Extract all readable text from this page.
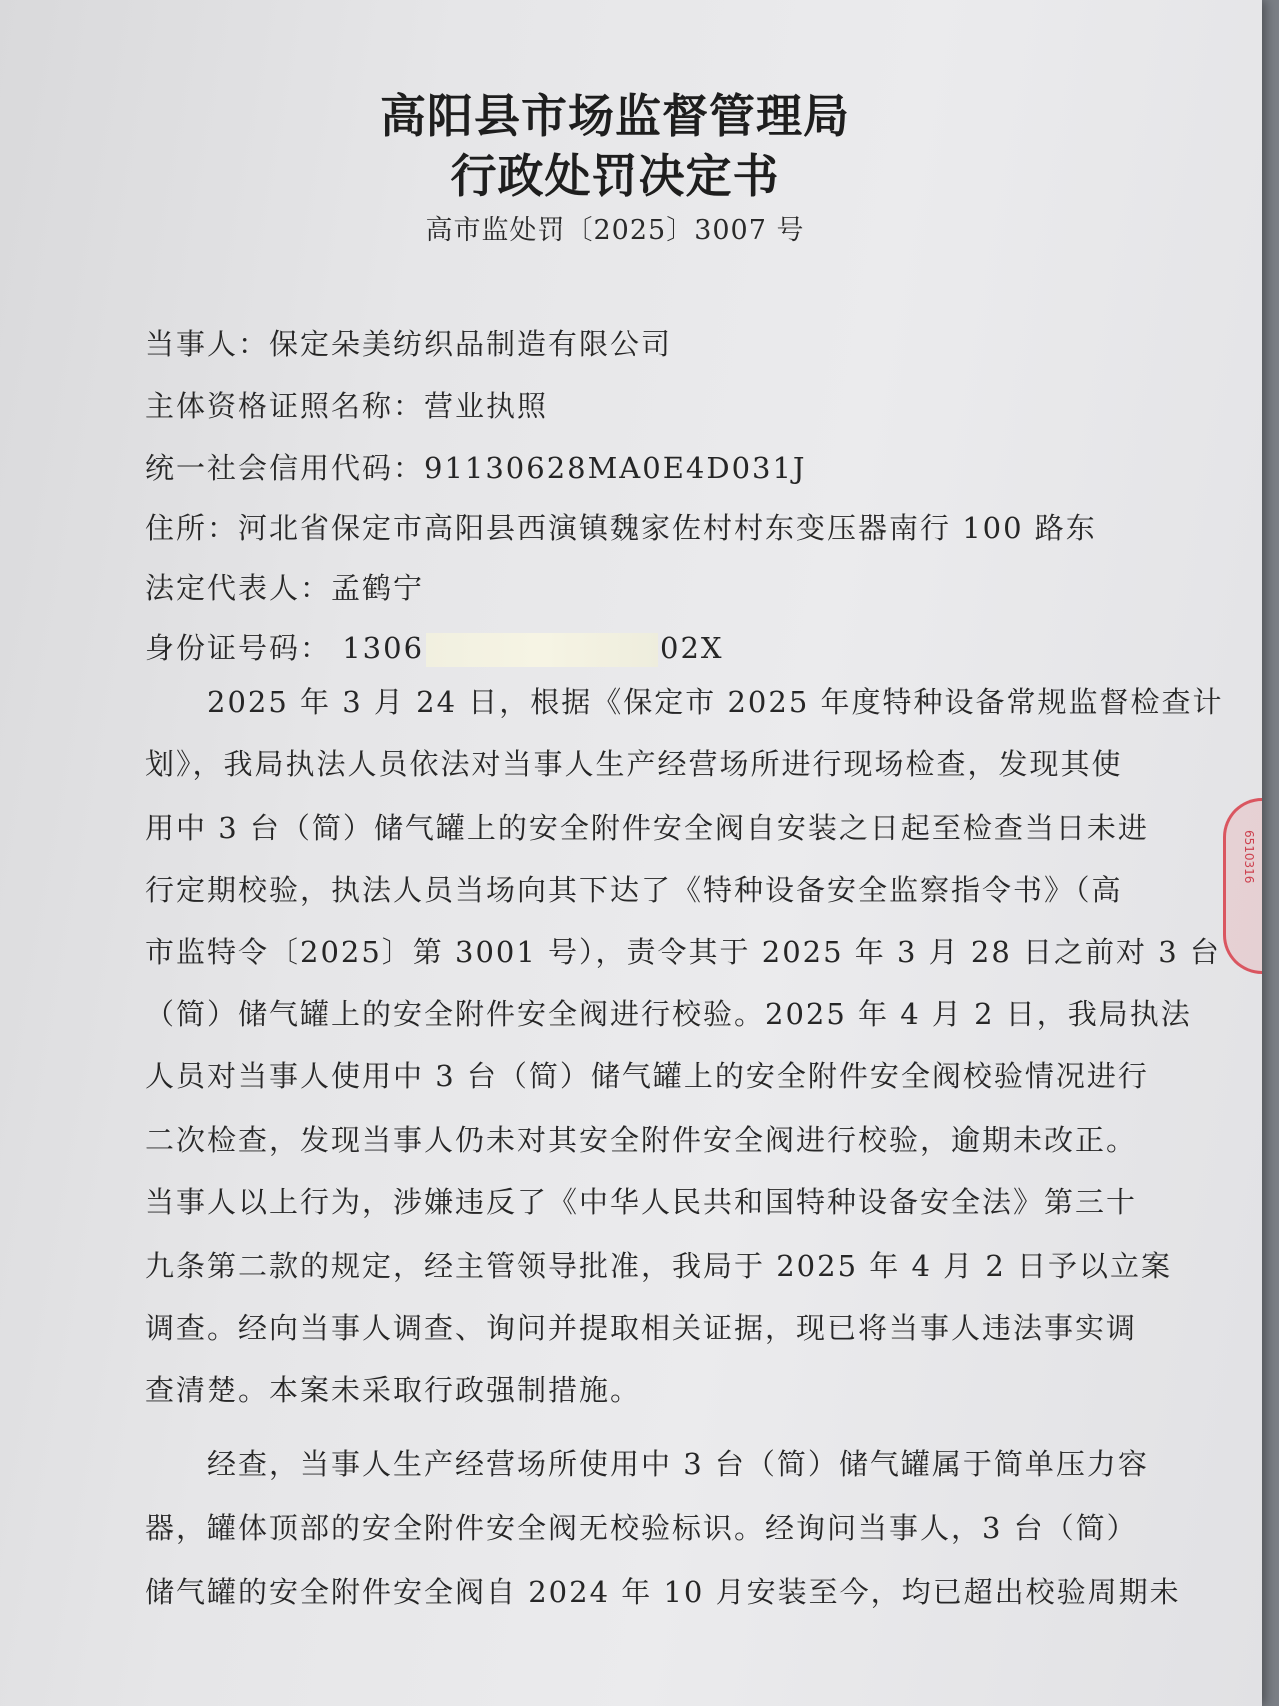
高阳县市场监督管理局
行政处罚决定书
高市监处罚〔2025〕3007 号
当事人：保定朵美纺织品制造有限公司
主体资格证照名称：营业执照
统一社会信用代码：91130628MA0E4D031J
住所：河北省保定市高阳县西演镇魏家佐村村东变压器南行 100 路东
法定代表人：孟鹤宁
身份证号码： 1306	02X
　　2025 年 3 月 24 日，根据《保定市 2025 年度特种设备常规监督检查计
划》，我局执法人员依法对当事人生产经营场所进行现场检查，发现其使
用中 3 台（简）储气罐上的安全附件安全阀自安装之日起至检查当日未进
行定期校验，执法人员当场向其下达了《特种设备安全监察指令书》（高
市监特令〔2025〕第 3001 号），责令其于 2025 年 3 月 28 日之前对 3 台
（简）储气罐上的安全附件安全阀进行校验。2025 年 4 月 2 日，我局执法
人员对当事人使用中 3 台（简）储气罐上的安全附件安全阀校验情况进行
二次检查，发现当事人仍未对其安全附件安全阀进行校验，逾期未改正。
当事人以上行为，涉嫌违反了《中华人民共和国特种设备安全法》第三十
九条第二款的规定，经主管领导批准，我局于 2025 年 4 月 2 日予以立案
调查。经向当事人调查、询问并提取相关证据，现已将当事人违法事实调
查清楚。本案未采取行政强制措施。
　　经查，当事人生产经营场所使用中 3 台（简）储气罐属于简单压力容
器，罐体顶部的安全附件安全阀无校验标识。经询问当事人，3 台（简）
储气罐的安全附件安全阀自 2024 年 10 月安装至今，均已超出校验周期未
6510316
